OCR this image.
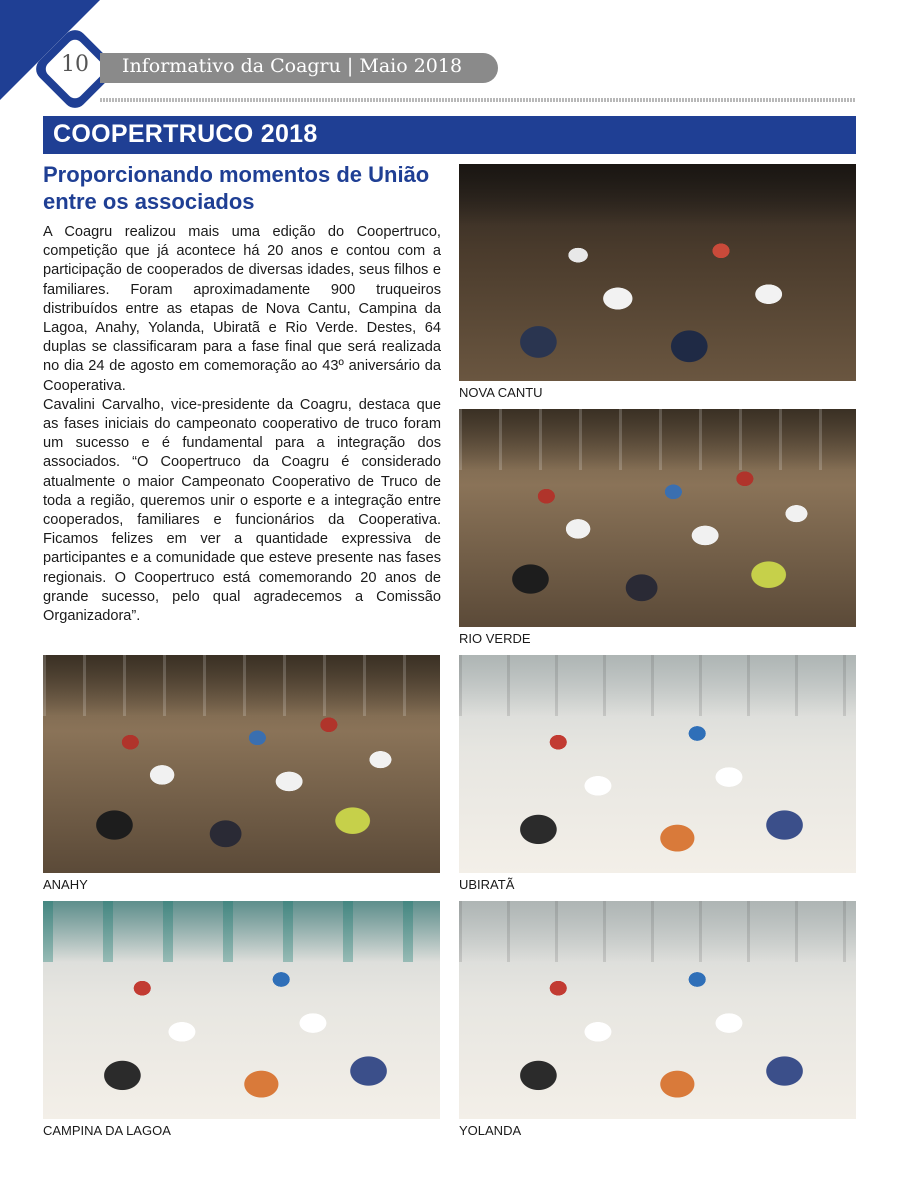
10	Informativo da Coagru | Maio 2018
COOPERTRUCO 2018
Proporcionando momentos de União entre os associados

A Coagru realizou mais uma edição do Coopertruco, competição que já acontece há 20 anos e contou com a participação de cooperados de diversas idades, seus filhos e familiares. Foram aproximadamente 900 truqueiros distribuídos entre as etapas de Nova Cantu, Campina da Lagoa, Anahy, Yolanda, Ubiratã e Rio Verde. Destes, 64 duplas se classificaram para a fase final que será realizada no dia 24 de agosto em comemoração ao 43º aniversário da Cooperativa.

Cavalini Carvalho, vice-presidente da Coagru, destaca que as fases iniciais do campeonato cooperativo de truco foram um sucesso e é fundamental para a integração dos associados. “O Coopertruco da Coagru é considerado atualmente o maior Campeonato Cooperativo de Truco de toda a região, queremos unir o esporte e a integração entre cooperados, familiares e funcionários da Cooperativa. Ficamos felizes em ver a quantidade expressiva de participantes e a comunidade que esteve presente nas fases regionais. O Coopertruco está comemorando 20 anos de grande sucesso, pelo qual agradecemos a Comissão Organizadora”.

NOVA CANTU
RIO VERDE
ANAHY	UBIRATÃ
CAMPINA DA LAGOA	YOLANDA
